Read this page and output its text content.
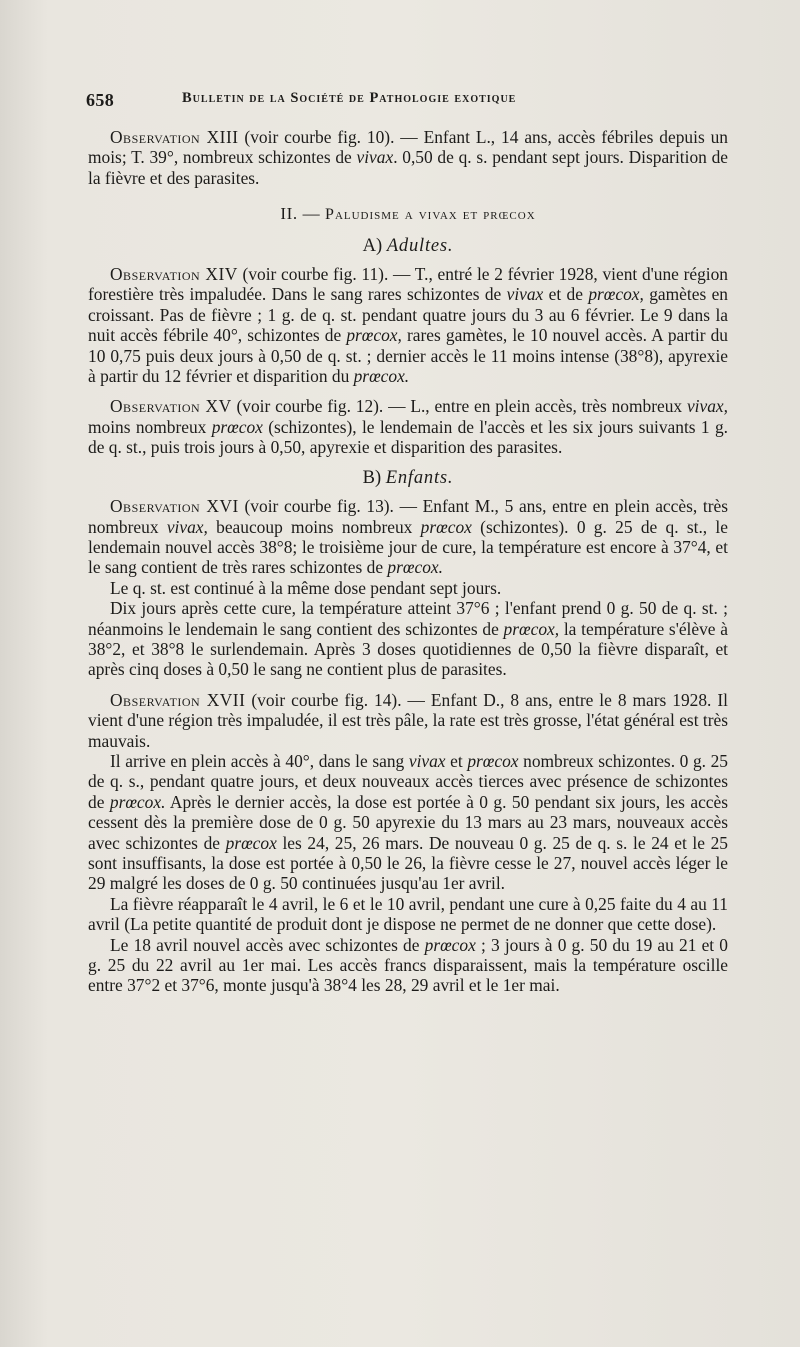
658	Bulletin de la Société de Pathologie exotique

Observation XIII (voir courbe fig. 10). — Enfant L., 14 ans, accès fébriles depuis un mois; T. 39°, nombreux schizontes de vivax. 0,50 de q. s. pendant sept jours. Disparition de la fièvre et des parasites.

II. — Paludisme a vivax et prœcox

A) Adultes.

Observation XIV (voir courbe fig. 11). — T., entré le 2 février 1928, vient d'une région forestière très impaludée. Dans le sang rares schizontes de vivax et de prœcox, gamètes en croissant. Pas de fièvre ; 1 g. de q. st. pendant quatre jours du 3 au 6 février. Le 9 dans la nuit accès fébrile 40°, schizontes de prœcox, rares gamètes, le 10 nouvel accès. A partir du 10 0,75 puis deux jours à 0,50 de q. st. ; dernier accès le 11 moins intense (38°8), apyrexie à partir du 12 février et disparition du prœcox.

Observation XV (voir courbe fig. 12). — L., entre en plein accès, très nombreux vivax, moins nombreux prœcox (schizontes), le lendemain de l'accès et les six jours suivants 1 g. de q. st., puis trois jours à 0,50, apyrexie et disparition des parasites.

B) Enfants.

Observation XVI (voir courbe fig. 13). — Enfant M., 5 ans, entre en plein accès, très nombreux vivax, beaucoup moins nombreux prœcox (schizontes). 0 g. 25 de q. st., le lendemain nouvel accès 38°8; le troisième jour de cure, la température est encore à 37°4, et le sang contient de très rares schizontes de prœcox.

Le q. st. est continué à la même dose pendant sept jours.

Dix jours après cette cure, la température atteint 37°6 ; l'enfant prend 0 g. 50 de q. st. ; néanmoins le lendemain le sang contient des schizontes de prœcox, la température s'élève à 38°2, et 38°8 le surlendemain. Après 3 doses quotidiennes de 0,50 la fièvre disparaît, et après cinq doses à 0,50 le sang ne contient plus de parasites.

Observation XVII (voir courbe fig. 14). — Enfant D., 8 ans, entre le 8 mars 1928. Il vient d'une région très impaludée, il est très pâle, la rate est très grosse, l'état général est très mauvais.

Il arrive en plein accès à 40°, dans le sang vivax et prœcox nombreux schizontes. 0 g. 25 de q. s., pendant quatre jours, et deux nouveaux accès tierces avec présence de schizontes de prœcox. Après le dernier accès, la dose est portée à 0 g. 50 pendant six jours, les accès cessent dès la première dose de 0 g. 50 apyrexie du 13 mars au 23 mars, nouveaux accès avec schizontes de prœcox les 24, 25, 26 mars. De nouveau 0 g. 25 de q. s. le 24 et le 25 sont insuffisants, la dose est portée à 0,50 le 26, la fièvre cesse le 27, nouvel accès léger le 29 malgré les doses de 0 g. 50 continuées jusqu'au 1er avril.

La fièvre réapparaît le 4 avril, le 6 et le 10 avril, pendant une cure à 0,25 faite du 4 au 11 avril (La petite quantité de produit dont je dispose ne permet de ne donner que cette dose).

Le 18 avril nouvel accès avec schizontes de prœcox ; 3 jours à 0 g. 50 du 19 au 21 et 0 g. 25 du 22 avril au 1er mai. Les accès francs disparaissent, mais la température oscille entre 37°2 et 37°6, monte jusqu'à 38°4 les 28, 29 avril et le 1er mai.
